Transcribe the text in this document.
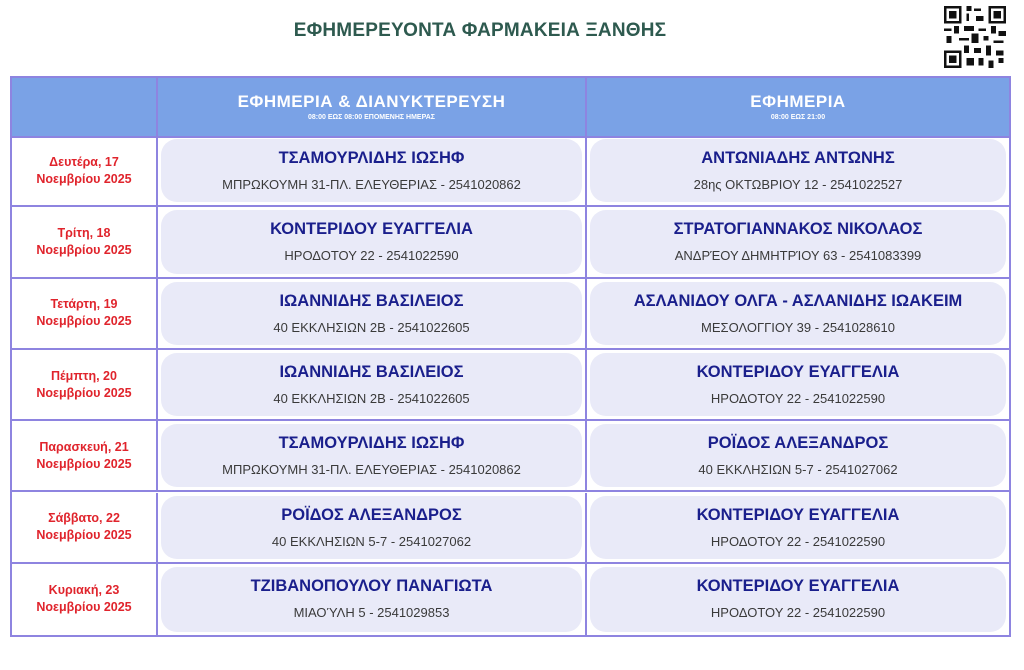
ΕΦΗΜΕΡΕΥΟΝΤΑ ΦΑΡΜΑΚΕΙΑ ΞΑΝΘΗΣ
ΕΦΗΜΕΡΙΑ & ΔΙΑΝΥΚΤΕΡΕΥΣΗ
08:00 ΕΩΣ 08:00 ΕΠΟΜΕΝΗΣ ΗΜΕΡΑΣ
ΕΦΗΜΕΡΙΑ
08:00 ΕΩΣ 21:00
Δευτέρα, 17
Νοεμβρίου 2025
ΤΣΑΜΟΥΡΛΙΔΗΣ ΙΩΣΗΦ
ΜΠΡΩΚΟΥΜΗ 31-ΠΛ. ΕΛΕΥΘΕΡΙΑΣ - 2541020862
ΑΝΤΩΝΙΑΔΗΣ ΑΝΤΩΝΗΣ
28ης ΟΚΤΩΒΡΙΟΥ 12 - 2541022527
Τρίτη, 18
Νοεμβρίου 2025
ΚΟΝΤΕΡΙΔΟΥ ΕΥΑΓΓΕΛΙΑ
ΗΡΟΔΟΤΟΥ 22 - 2541022590
ΣΤΡΑΤΟΓΙΑΝΝΑΚΟΣ ΝΙΚΟΛΑΟΣ
ΑΝΔΡΈΟΥ ΔΗΜΗΤΡΊΟΥ 63 - 2541083399
Τετάρτη, 19
Νοεμβρίου 2025
ΙΩΑΝΝΙΔΗΣ ΒΑΣΙΛΕΙΟΣ
40 ΕΚΚΛΗΣΙΩΝ 2Β - 2541022605
ΑΣΛΑΝΙΔΟΥ ΟΛΓΑ - ΑΣΛΑΝΙΔΗΣ ΙΩΑΚΕΙΜ
ΜΕΣΟΛΟΓΓΙΟΥ 39 - 2541028610
Πέμπτη, 20
Νοεμβρίου 2025
ΙΩΑΝΝΙΔΗΣ ΒΑΣΙΛΕΙΟΣ
40 ΕΚΚΛΗΣΙΩΝ 2Β - 2541022605
ΚΟΝΤΕΡΙΔΟΥ ΕΥΑΓΓΕΛΙΑ
ΗΡΟΔΟΤΟΥ 22 - 2541022590
Παρασκευή, 21
Νοεμβρίου 2025
ΤΣΑΜΟΥΡΛΙΔΗΣ ΙΩΣΗΦ
ΜΠΡΩΚΟΥΜΗ 31-ΠΛ. ΕΛΕΥΘΕΡΙΑΣ - 2541020862
ΡΟΪΔΟΣ ΑΛΕΞΑΝΔΡΟΣ
40 ΕΚΚΛΗΣΙΩΝ 5-7 - 2541027062
Σάββατο, 22
Νοεμβρίου 2025
ΡΟΪΔΟΣ ΑΛΕΞΑΝΔΡΟΣ
40 ΕΚΚΛΗΣΙΩΝ 5-7 - 2541027062
ΚΟΝΤΕΡΙΔΟΥ ΕΥΑΓΓΕΛΙΑ
ΗΡΟΔΟΤΟΥ 22 - 2541022590
Κυριακή, 23
Νοεμβρίου 2025
ΤΖΙΒΑΝΟΠΟΥΛΟΥ ΠΑΝΑΓΙΩΤΑ
ΜΙΑΟΎΛΗ 5 - 2541029853
ΚΟΝΤΕΡΙΔΟΥ ΕΥΑΓΓΕΛΙΑ
ΗΡΟΔΟΤΟΥ 22 - 2541022590
